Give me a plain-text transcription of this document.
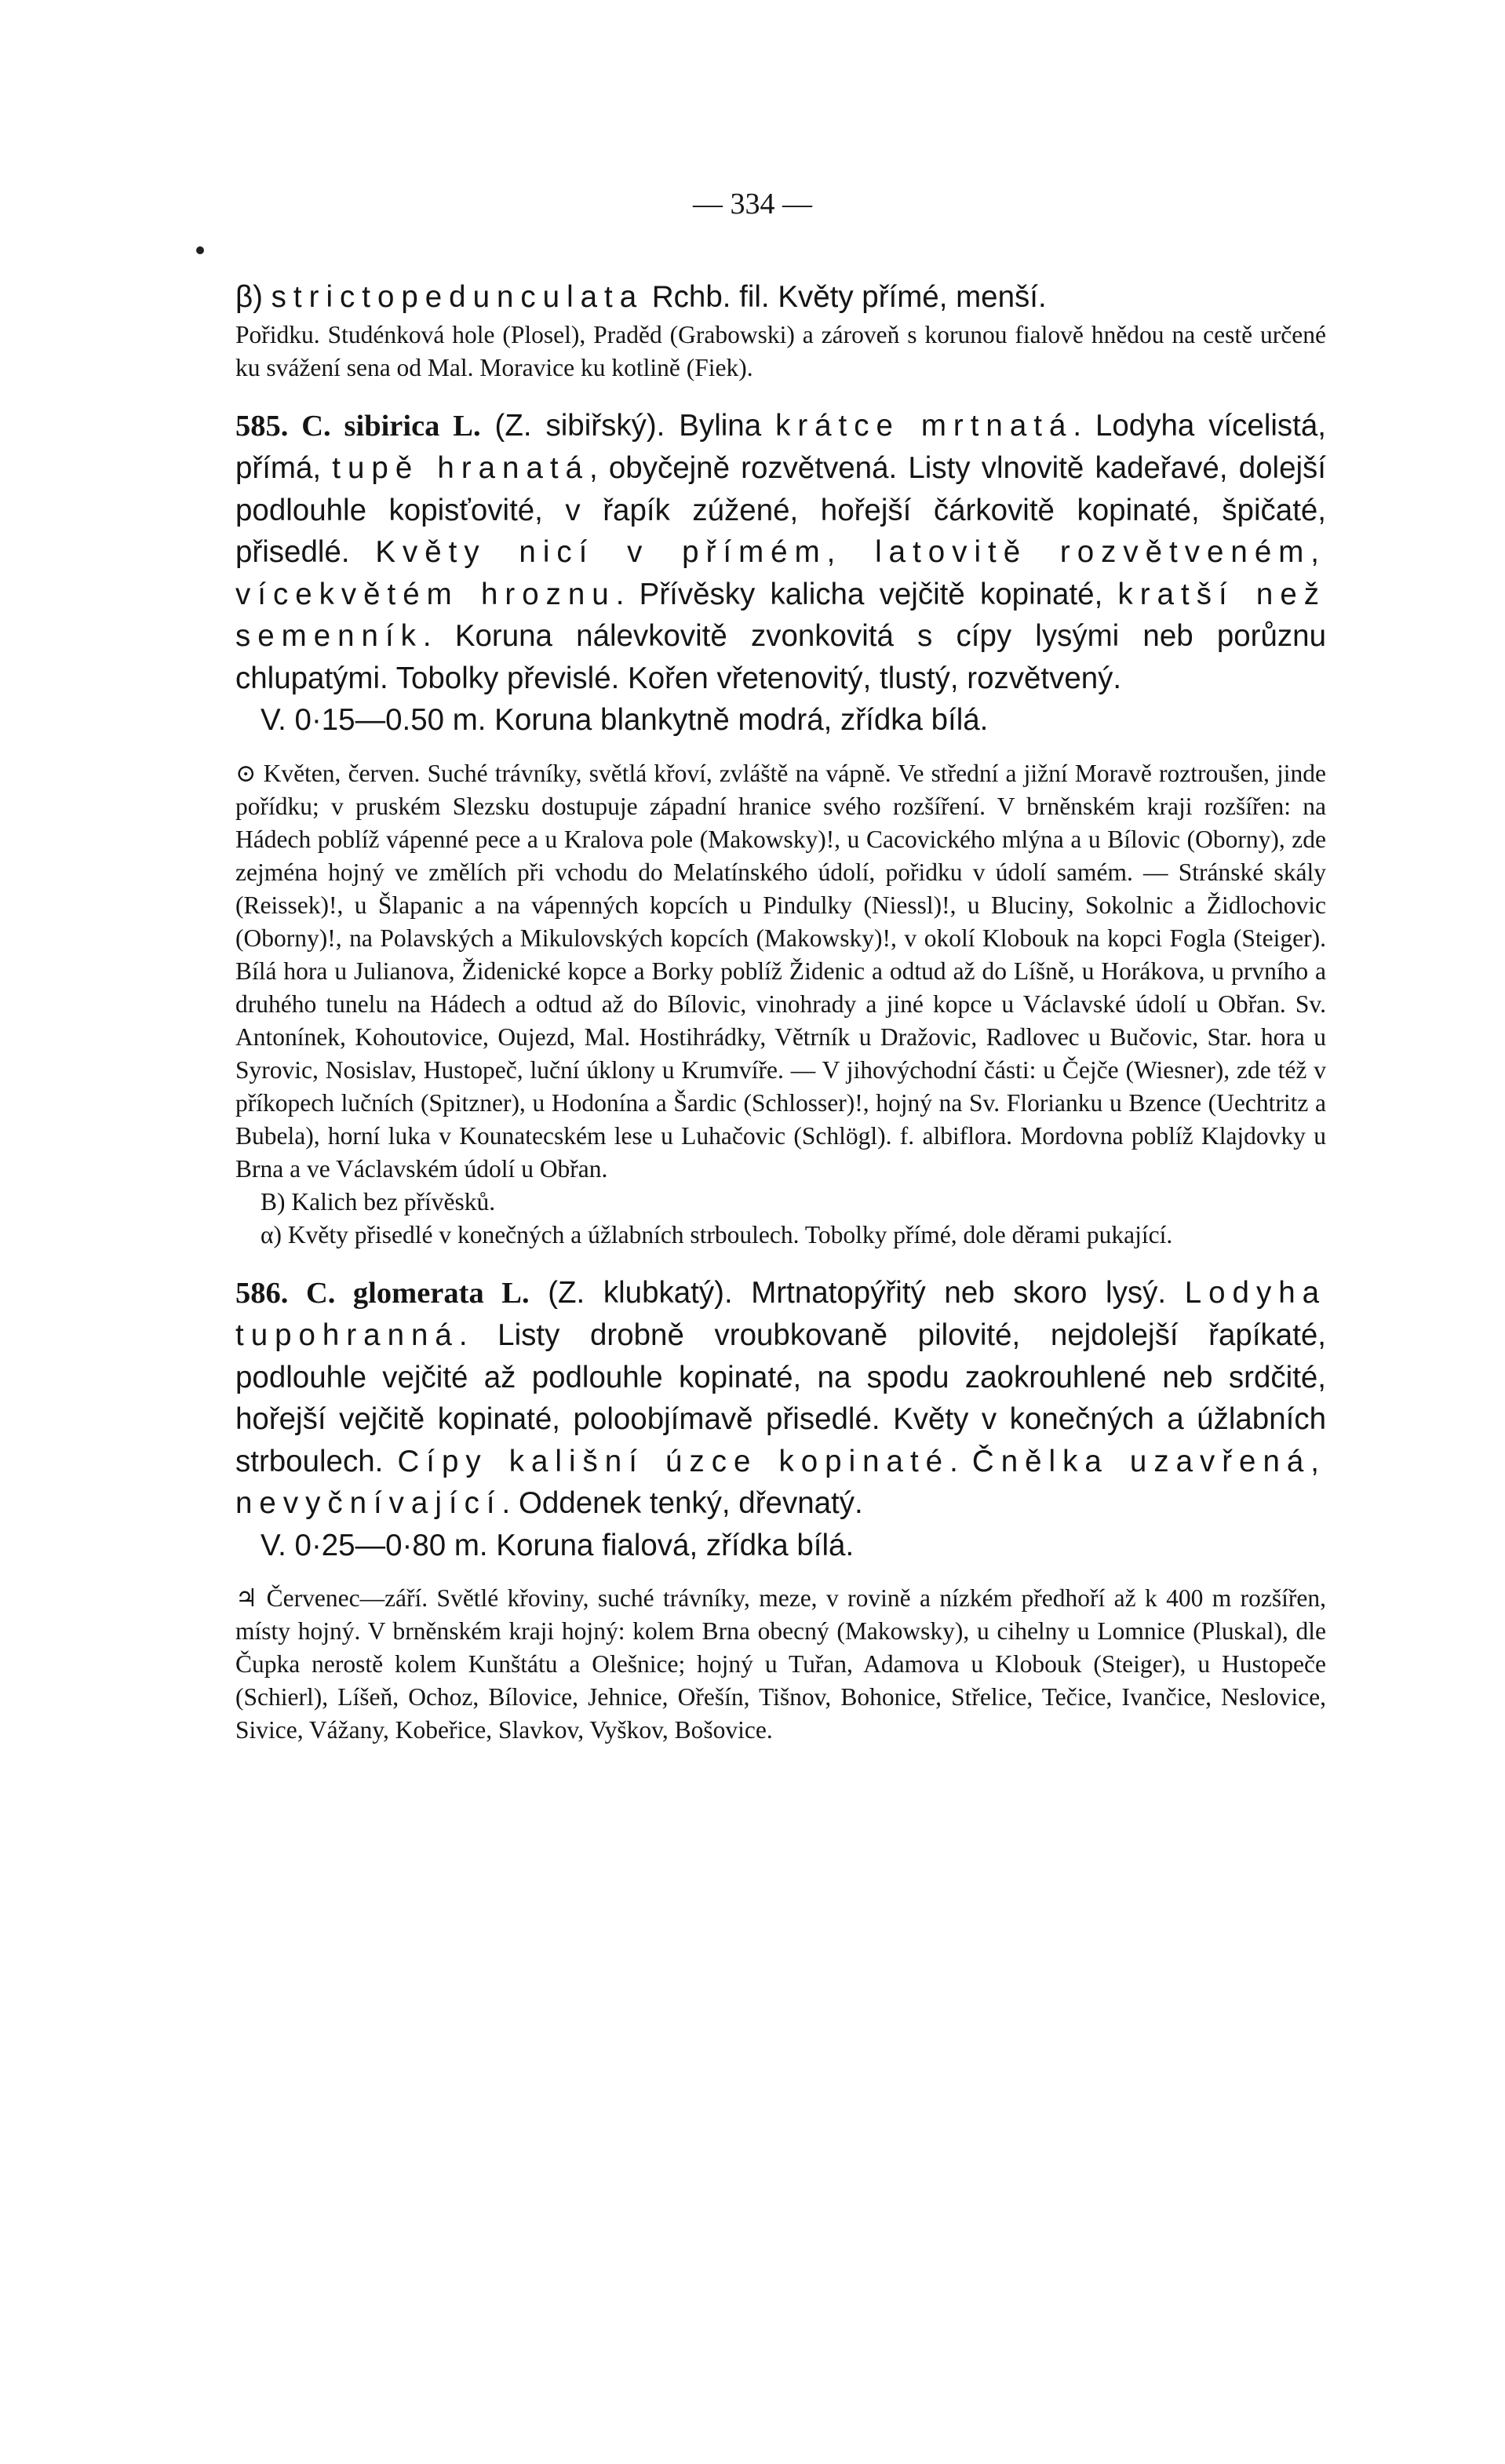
— 334 —

β) strictopedunculata Rchb. fil. Květy přímé, menší.

Pořidku. Studénková hole (Plosel), Praděd (Grabowski) a zároveň s korunou fialově hnědou na cestě určené ku svážení sena od Mal. Moravice ku kotlině (Fiek).

585. C. sibirica L. (Z. sibiřský). Bylina krátce mrtnatá. Lodyha vícelistá, přímá, tupě hranatá, obyčejně rozvětvená. Listy vlnovitě kadeřavé, dolejší podlouhle kopisťovité, v řapík zúžené, hořejší čárkovitě kopinaté, špičaté, přisedlé. Květy nicí v přímém, latovitě rozvětveném, vícekvětém hroznu. Přívěsky kalicha vejčitě kopinaté, kratší než semenník. Koruna nálevkovitě zvonkovitá s cípy lysými neb porůznu chlupatými. Tobolky převislé. Kořen vřetenovitý, tlustý, rozvětvený.

V. 0·15—0.50 m. Koruna blankytně modrá, zřídka bílá.

⊙ Květen, červen. Suché trávníky, světlá křoví, zvláště na vápně. Ve střední a jižní Moravě roztroušen, jinde pořídku; v pruském Slezsku dostupuje západní hranice svého rozšíření. V brněnském kraji rozšířen: na Hádech poblíž vápenné pece a u Kralova pole (Makowsky)!, u Cacovického mlýna a u Bílovic (Oborny), zde zejména hojný ve změlích při vchodu do Melatínského údolí, pořidku v údolí samém. — Stránské skály (Reissek)!, u Šlapanic a na vápenných kopcích u Pindulky (Niessl)!, u Bluciny, Sokolnic a Židlochovic (Oborny)!, na Polavských a Mikulovských kopcích (Makowsky)!, v okolí Klobouk na kopci Fogla (Steiger). Bílá hora u Julianova, Židenické kopce a Borky poblíž Židenic a odtud až do Líšně, u Horákova, u prvního a druhého tunelu na Hádech a odtud až do Bílovic, vinohrady a jiné kopce u Václavské údolí u Obřan. Sv. Antonínek, Kohoutovice, Oujezd, Mal. Hostihrádky, Větrník u Dražovic, Radlovec u Bučovic, Star. hora u Syrovic, Nosislav, Hustopeč, luční úklony u Krumvíře. — V jihovýchodní části: u Čejče (Wiesner), zde též v příkopech lučních (Spitzner), u Hodonína a Šardic (Schlosser)!, hojný na Sv. Florianku u Bzence (Uechtritz a Bubela), horní luka v Kounatecském lese u Luhačovic (Schlögl). f. albiflora. Mordovna poblíž Klajdovky u Brna a ve Václavském údolí u Obřan.

B) Kalich bez přívěsků.

α) Květy přisedlé v konečných a úžlabních strboulech. Tobolky přímé, dole děrami pukající.

586. C. glomerata L. (Z. klubkatý). Mrtnatopýřitý neb skoro lysý. Lodyha tupohranná. Listy drobně vroubkovaně pilovité, nejdolejší řapíkaté, podlouhle vejčité až podlouhle kopinaté, na spodu zaokrouhlené neb srdčité, hořejší vejčitě kopinaté, poloobjímavě přisedlé. Květy v konečných a úžlabních strboulech. Cípy kališní úzce kopinaté. Čnělka uzavřená, nevyčnívající. Oddenek tenký, dřevnatý.

V. 0·25—0·80 m. Koruna fialová, zřídka bílá.

♃ Červenec—září. Světlé křoviny, suché trávníky, meze, v rovině a nízkém předhoří až k 400 m rozšířen, místy hojný. V brněnském kraji hojný: kolem Brna obecný (Makowsky), u cihelny u Lomnice (Pluskal), dle Čupka nerostě kolem Kunštátu a Olešnice; hojný u Tuřan, Adamova u Klobouk (Steiger), u Hustopeče (Schierl), Líšeň, Ochoz, Bílovice, Jehnice, Ořešín, Tišnov, Bohonice, Střelice, Tečice, Ivančice, Neslovice, Sivice, Vážany, Kobeřice, Slavkov, Vyškov, Bošovice.
